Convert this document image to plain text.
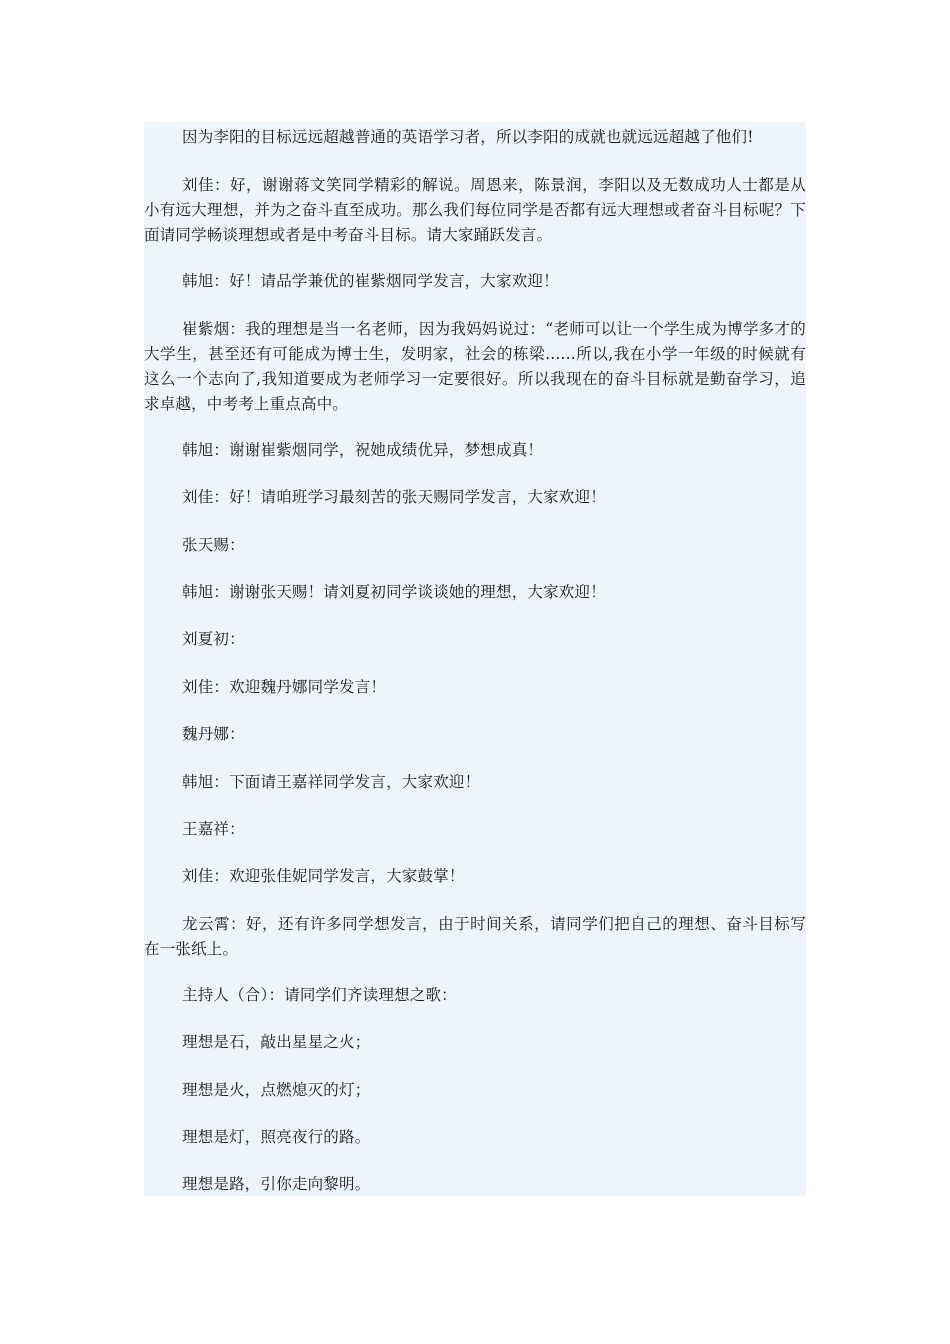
因为李阳的目标远远超越普通的英语学习者，所以李阳的成就也就远远超越了他们!

刘佳：好，谢谢蒋文笑同学精彩的解说。周恩来，陈景润，李阳以及无数成功人士都是从小有远大理想，并为之奋斗直至成功。那么我们每位同学是否都有远大理想或者奋斗目标呢？下面请同学畅谈理想或者是中考奋斗目标。请大家踊跃发言。

韩旭：好！请品学兼优的崔紫烟同学发言，大家欢迎！

崔紫烟：我的理想是当一名老师，因为我妈妈说过：“老师可以让一个学生成为博学多才的大学生，甚至还有可能成为博士生，发明家，社会的栋梁......所以,我在小学一年级的时候就有这么一个志向了,我知道要成为老师学习一定要很好。所以我现在的奋斗目标就是勤奋学习，追求卓越，中考考上重点高中。

韩旭：谢谢崔紫烟同学，祝她成绩优异，梦想成真！

刘佳：好！请咱班学习最刻苦的张天赐同学发言，大家欢迎！

张天赐：

韩旭：谢谢张天赐！请刘夏初同学谈谈她的理想，大家欢迎！

刘夏初：

刘佳：欢迎魏丹娜同学发言！

魏丹娜：

韩旭：下面请王嘉祥同学发言，大家欢迎！

王嘉祥：

刘佳：欢迎张佳妮同学发言，大家鼓掌！

龙云霄：好，还有许多同学想发言，由于时间关系，请同学们把自己的理想、奋斗目标写在一张纸上。

主持人（合）：请同学们齐读理想之歌：

理想是石，敲出星星之火；

理想是火，点燃熄灭的灯；

理想是灯，照亮夜行的路。

理想是路，引你走向黎明。
